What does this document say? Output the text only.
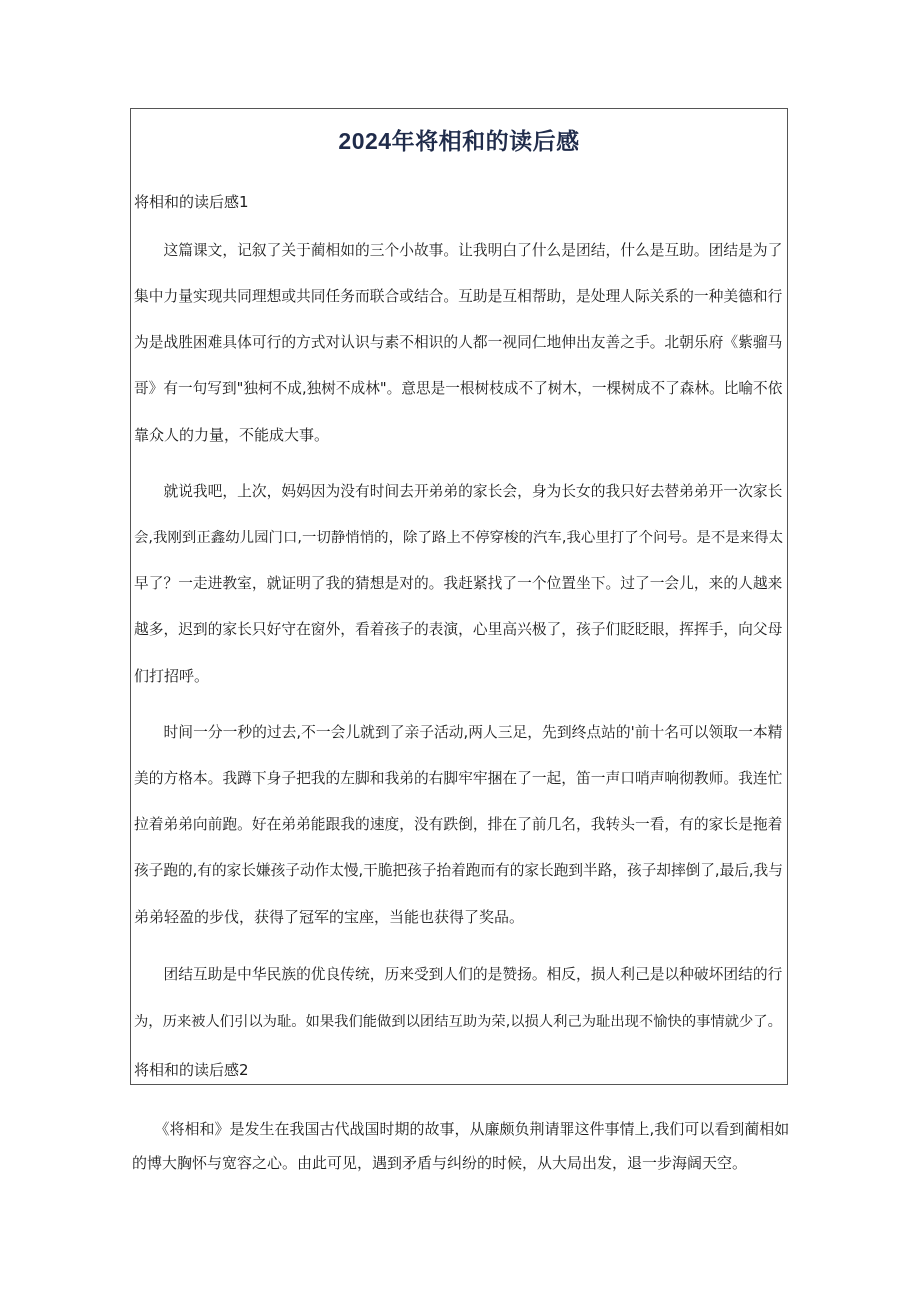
2024年将相和的读后感

将相和的读后感1

　　这篇课文，记叙了关于蔺相如的三个小故事。让我明白了什么是团结，什么是互助。团结是为了
集中力量实现共同理想或共同任务而联合或结合。互助是互相帮助，是处理人际关系的一种美德和行
为是战胜困难具体可行的方式对认识与素不相识的人都一视同仁地伸出友善之手。北朝乐府《紫骝马
哥》有一句写到"独柯不成,独树不成林"。意思是一根树枝成不了树木，一棵树成不了森林。比喻不依
靠众人的力量，不能成大事。
　　就说我吧，上次，妈妈因为没有时间去开弟弟的家长会，身为长女的我只好去替弟弟开一次家长
会,我刚到正鑫幼儿园门口,一切静悄悄的，除了路上不停穿梭的汽车,我心里打了个问号。是不是来得太
早了？一走进教室，就证明了我的猜想是对的。我赶紧找了一个位置坐下。过了一会儿，来的人越来
越多，迟到的家长只好守在窗外，看着孩子的表演，心里高兴极了，孩子们眨眨眼，挥挥手，向父母
们打招呼。
　　时间一分一秒的过去,不一会儿就到了亲子活动,两人三足，先到终点站的'前十名可以领取一本精
美的方格本。我蹲下身子把我的左脚和我弟的右脚牢牢捆在了一起，笛一声口哨声响彻教师。我连忙
拉着弟弟向前跑。好在弟弟能跟我的速度，没有跌倒，排在了前几名，我转头一看，有的家长是拖着
孩子跑的,有的家长嫌孩子动作太慢,干脆把孩子抬着跑而有的家长跑到半路，孩子却摔倒了,最后,我与
弟弟轻盈的步伐，获得了冠军的宝座，当能也获得了奖品。
　　团结互助是中华民族的优良传统，历来受到人们的是赞扬。相反，损人利己是以种破坏团结的行
为，历来被人们引以为耻。如果我们能做到以团结互助为荣,以损人利己为耻出现不愉快的事情就少了。

将相和的读后感2

　　《将相和》是发生在我国古代战国时期的故事，从廉颇负荆请罪这件事情上,我们可以看到蔺相如
的博大胸怀与宽容之心。由此可见，遇到矛盾与纠纷的时候，从大局出发，退一步海阔天空。
